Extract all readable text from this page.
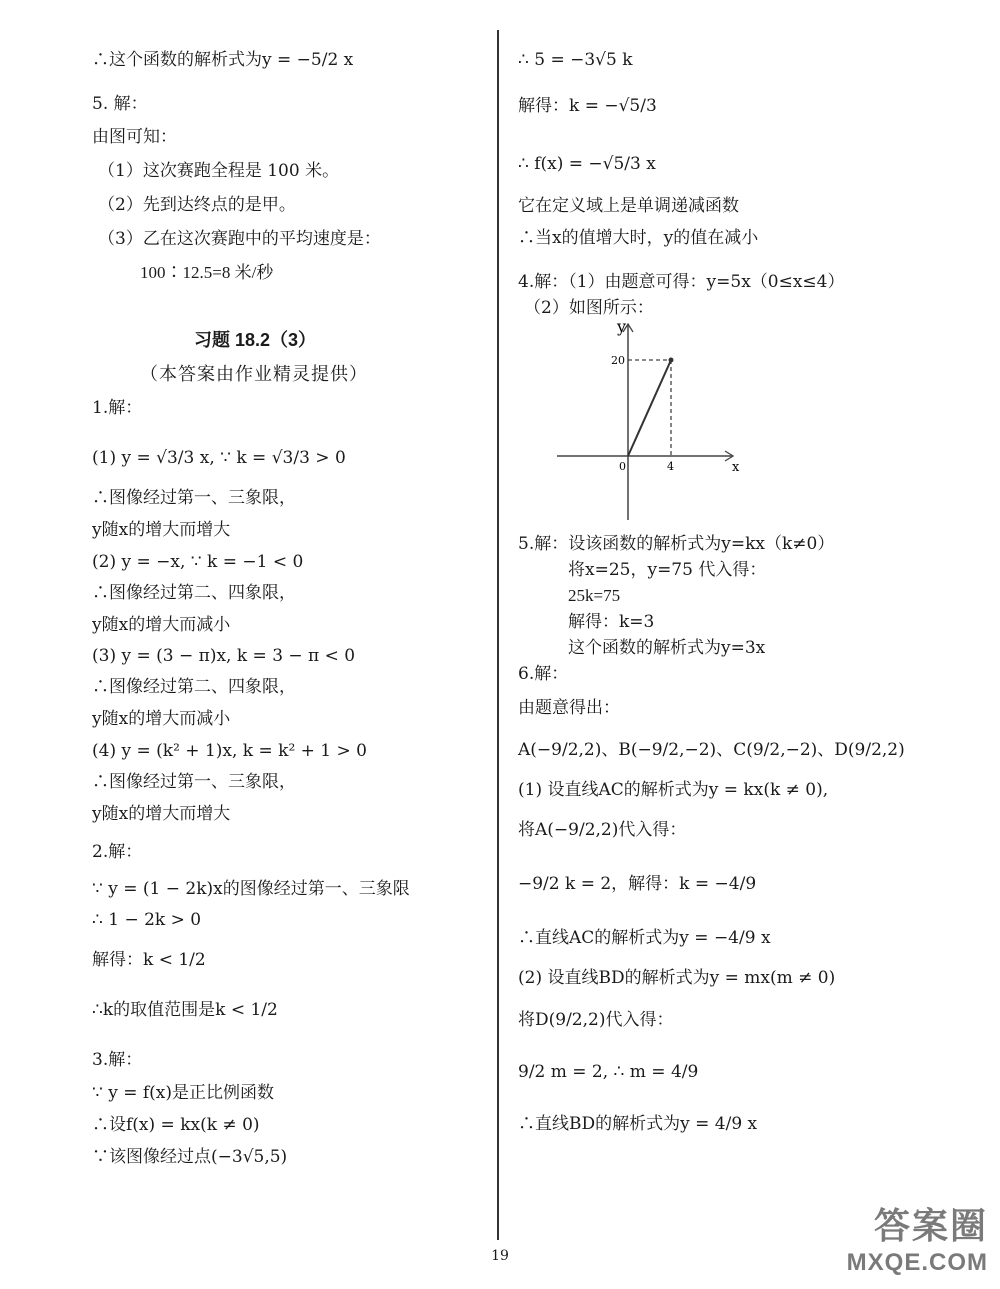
∴这个函数的解析式为y = −5/2 x
5. 解：
由图可知：
（1）这次赛跑全程是 100 米。
（2）先到达终点的是甲。
（3）乙在这次赛跑中的平均速度是：
100∶12.5=8 米/秒
习题 18.2（3）
（本答案由作业精灵提供）
1.解：
(1) y = √3/3 x, ∵ k = √3/3 > 0
∴图像经过第一、三象限，
y随x的增大而增大
(2) y = −x, ∵ k = −1 < 0
∴图像经过第二、四象限，
y随x的增大而减小
(3) y = (3 − π)x, k = 3 − π < 0
∴图像经过第二、四象限，
y随x的增大而减小
(4) y = (k² + 1)x, k = k² + 1 > 0
∴图像经过第一、三象限，
y随x的增大而增大
2.解：
∵ y = (1 − 2k)x的图像经过第一、三象限
∴ 1 − 2k > 0
解得：k < 1/2
∴k的取值范围是k < 1/2
3.解：
∵ y = f(x)是正比例函数
∴设f(x) = kx(k ≠ 0)
∵该图像经过点(−3√5,5)
∴ 5 = −3√5 k
解得：k = −√5/3
∴ f(x) = −√5/3 x
它在定义域上是单调递减函数
∴当x的值增大时，y的值在减小
4.解：（1）由题意可得：y=5x（0≤x≤4）
（2）如图所示：
5.解：设该函数的解析式为y=kx（k≠0）
将x=25，y=75 代入得：
25k=75
解得：k=3
这个函数的解析式为y=3x
6.解：
由题意得出：
A(−9/2,2)、B(−9/2,−2)、C(9/2,−2)、D(9/2,2)
(1) 设直线AC的解析式为y = kx(k ≠ 0),
将A(−9/2,2)代入得：
−9/2 k = 2，解得：k = −4/9
∴直线AC的解析式为y = −4/9 x
(2) 设直线BD的解析式为y = mx(m ≠ 0)
将D(9/2,2)代入得：
9/2 m = 2, ∴ m = 4/9
∴直线BD的解析式为y = 4/9 x
y
x
0	4
20
19
答案圈
MXQE.COM
